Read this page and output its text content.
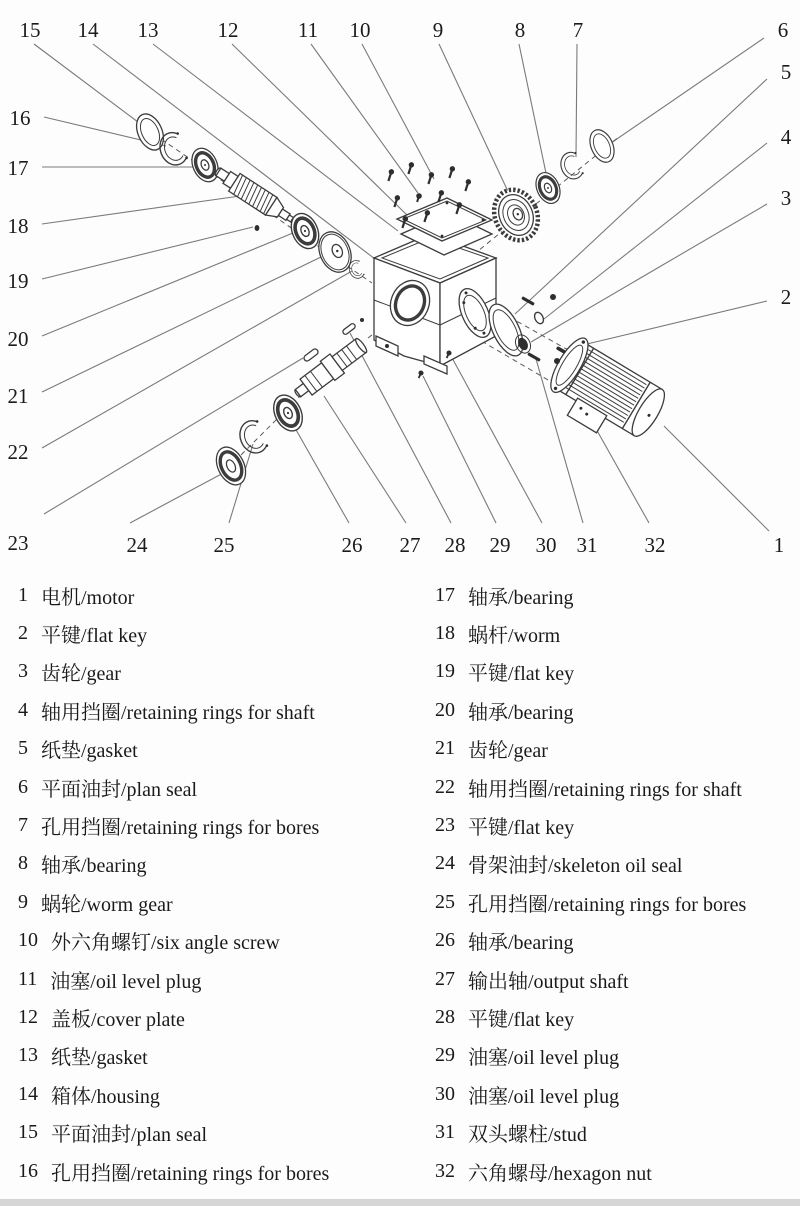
1
2
3
4
5
6
7
8
9
10
11
12
13
14
15
16
17
18
19
20
21
22
23	24	25	26 27 28 29 30 31 32
1 电机/motor
2 平键/flat key
3 齿轮/gear
4 轴用挡圈/retaining rings for shaft
5 纸垫/gasket
6 平面油封/plan seal
7 孔用挡圈/retaining rings for bores
8 轴承/bearing
9 蜗轮/worm gear
10 外六角螺钉/six angle screw
11 油塞/oil level plug
12 盖板/cover plate
13 纸垫/gasket
14 箱体/housing
15 平面油封/plan seal
16 孔用挡圈/retaining rings for bores
17 轴承/bearing
18 蜗杆/worm
19 平键/flat key
20 轴承/bearing
21 齿轮/gear
22 轴用挡圈/retaining rings for shaft
23 平键/flat key
24 骨架油封/skeleton oil seal
25 孔用挡圈/retaining rings for bores
26 轴承/bearing
27 输出轴/output shaft
28 平键/flat key
29 油塞/oil level plug
30 油塞/oil level plug
31 双头螺柱/stud
32 六角螺母/hexagon nut
